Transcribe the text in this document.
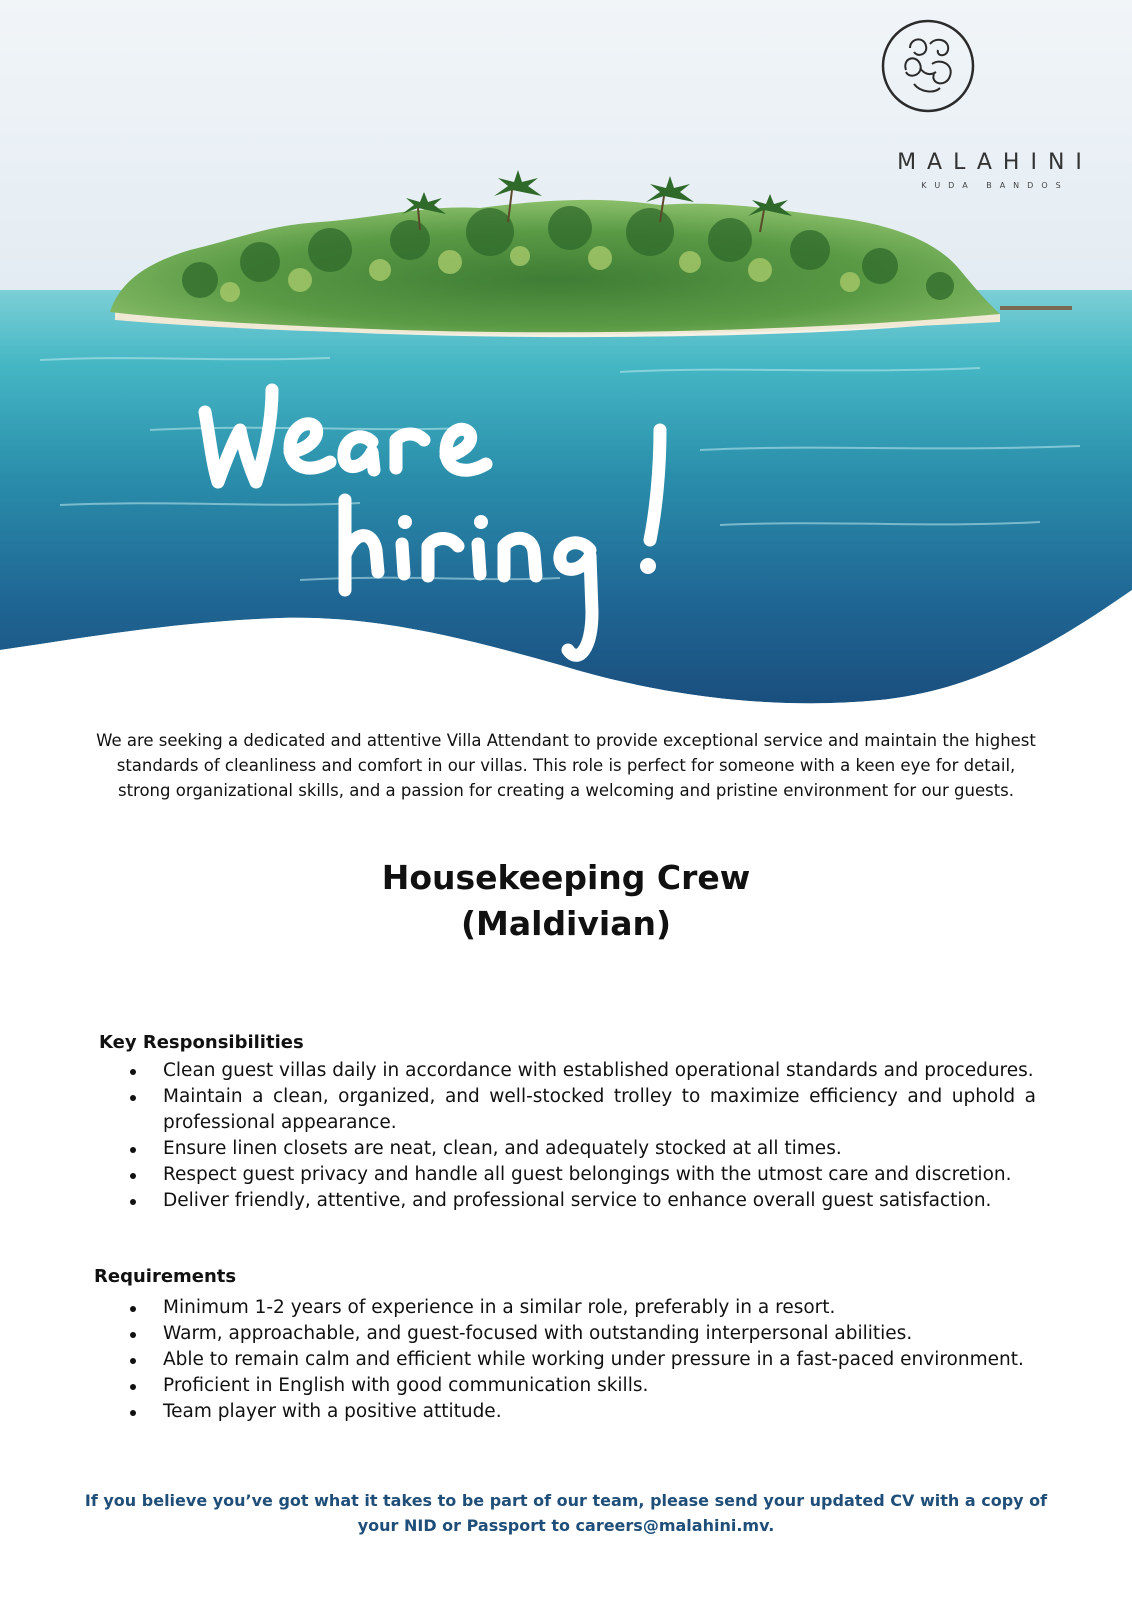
MALAHINI
KUDA BANDOS
We are seeking a dedicated and attentive Villa Attendant to provide exceptional service and maintain the highest standards of cleanliness and comfort in our villas. This role is perfect for someone with a keen eye for detail, strong organizational skills, and a passion for creating a welcoming and pristine environment for our guests.
Housekeeping Crew
(Maldivian)
Key Responsibilities
Clean guest villas daily in accordance with established operational standards and procedures.
Maintain a clean, organized, and well-stocked trolley to maximize efficiency and uphold a professional appearance.
Ensure linen closets are neat, clean, and adequately stocked at all times.
Respect guest privacy and handle all guest belongings with the utmost care and discretion.
Deliver friendly, attentive, and professional service to enhance overall guest satisfaction.
Requirements
Minimum 1-2 years of experience in a similar role, preferably in a resort.
Warm, approachable, and guest-focused with outstanding interpersonal abilities.
Able to remain calm and efficient while working under pressure in a fast-paced environment.
Proficient in English with good communication skills.
Team player with a positive attitude.
If you believe you’ve got what it takes to be part of our team, please send your updated CV with a copy of your NID or Passport to careers@malahini.mv.
